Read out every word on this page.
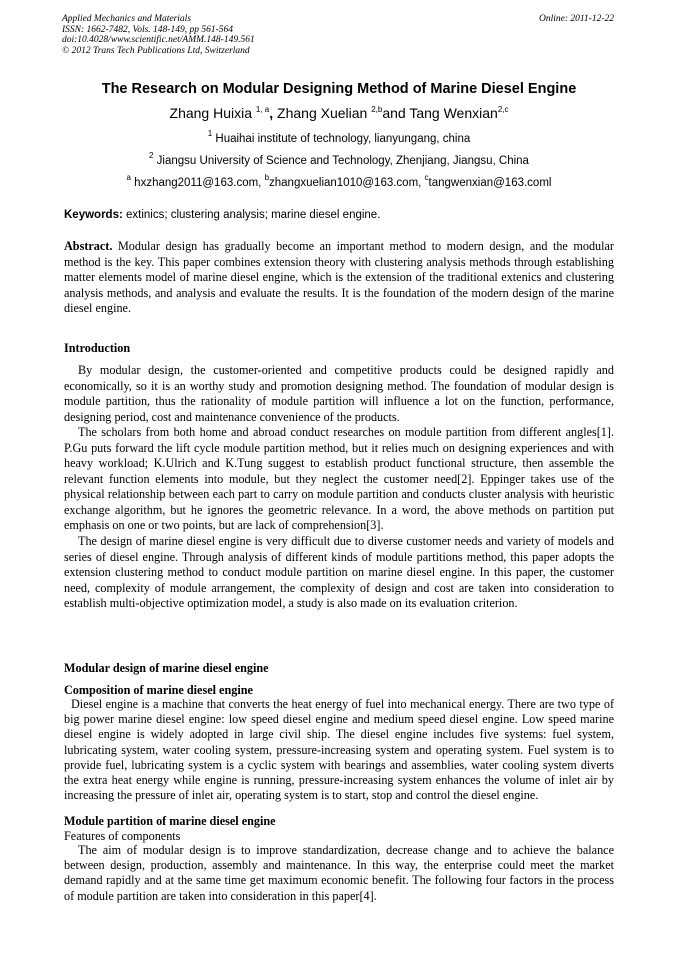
Applied Mechanics and Materials
ISSN: 1662-7482, Vols. 148-149, pp 561-564
doi:10.4028/www.scientific.net/AMM.148-149.561
© 2012 Trans Tech Publications Ltd, Switzerland
Online: 2011-12-22
The Research on Modular Designing Method of Marine Diesel Engine
Zhang Huixia $^{1, a}$, Zhang Xuelian $^{2,b}$and Tang Wenxian$^{2,c}$
$^1$ Huaihai institute of technology, lianyungang, china
$^2$ Jiangsu University of Science and Technology, Zhenjiang, Jiangsu, China
$^a$ hxzhang2011@163.com, $^b$zhangxuelian1010@163.com, $^c$tangwenxian@163.coml
Keywords: extinics; clustering analysis; marine diesel engine.

Abstract. Modular design has gradually become an important method to modern design, and the modular method is the key. This paper combines extension theory with clustering analysis methods through establishing matter elements model of marine diesel engine, which is the extension of the traditional extenics and clustering analysis methods, and analysis and evaluate the results. It is the foundation of the modern design of the marine diesel engine.

Introduction

By modular design, the customer-oriented and competitive products could be designed rapidly and economically, so it is an worthy study and promotion designing method. The foundation of modular design is module partition, thus the rationality of module partition will influence a lot on the function, performance, designing period, cost and maintenance convenience of the products.

The scholars from both home and abroad conduct researches on module partition from different angles[1]. P.Gu puts forward the lift cycle module partition method, but it relies much on designing experiences and with heavy workload; K.Ulrich and K.Tung suggest to establish product functional structure, then assemble the relevant function elements into module, but they neglect the customer need[2]. Eppinger takes use of the physical relationship between each part to carry on module partition and conducts cluster analysis with heuristic exchange algorithm, but he ignores the geometric relevance. In a word, the above methods on partition put emphasis on one or two points, but are lack of comprehension[3].

The design of marine diesel engine is very difficult due to diverse customer needs and variety of models and series of diesel engine. Through analysis of different kinds of module partitions method, this paper adopts the extension clustering method to conduct module partition on marine diesel engine. In this paper, the customer need, complexity of module arrangement, the complexity of design and cost are taken into consideration to establish multi-objective optimization model, a study is also made on its evaluation criterion.

Modular design of marine diesel engine
Composition of marine diesel engine

Diesel engine is a machine that converts the heat energy of fuel into mechanical energy. There are two type of big power marine diesel engine: low speed diesel engine and medium speed diesel engine. Low speed marine diesel engine is widely adopted in large civil ship. The diesel engine includes five systems: fuel system, lubricating system, water cooling system, pressure-increasing system and operating system. Fuel system is to provide fuel, lubricating system is a cyclic system with bearings and assemblies, water cooling system diverts the extra heat energy while engine is running, pressure-increasing system enhances the volume of inlet air by increasing the pressure of inlet air, operating system is to start, stop and control the diesel engine.

Module partition of marine diesel engine
Features of components

The aim of modular design is to improve standardization, decrease change and to achieve the balance between design, production, assembly and maintenance. In this way, the enterprise could meet the market demand rapidly and at the same time get maximum economic benefit. The following four factors in the process of module partition are taken into consideration in this paper[4].
